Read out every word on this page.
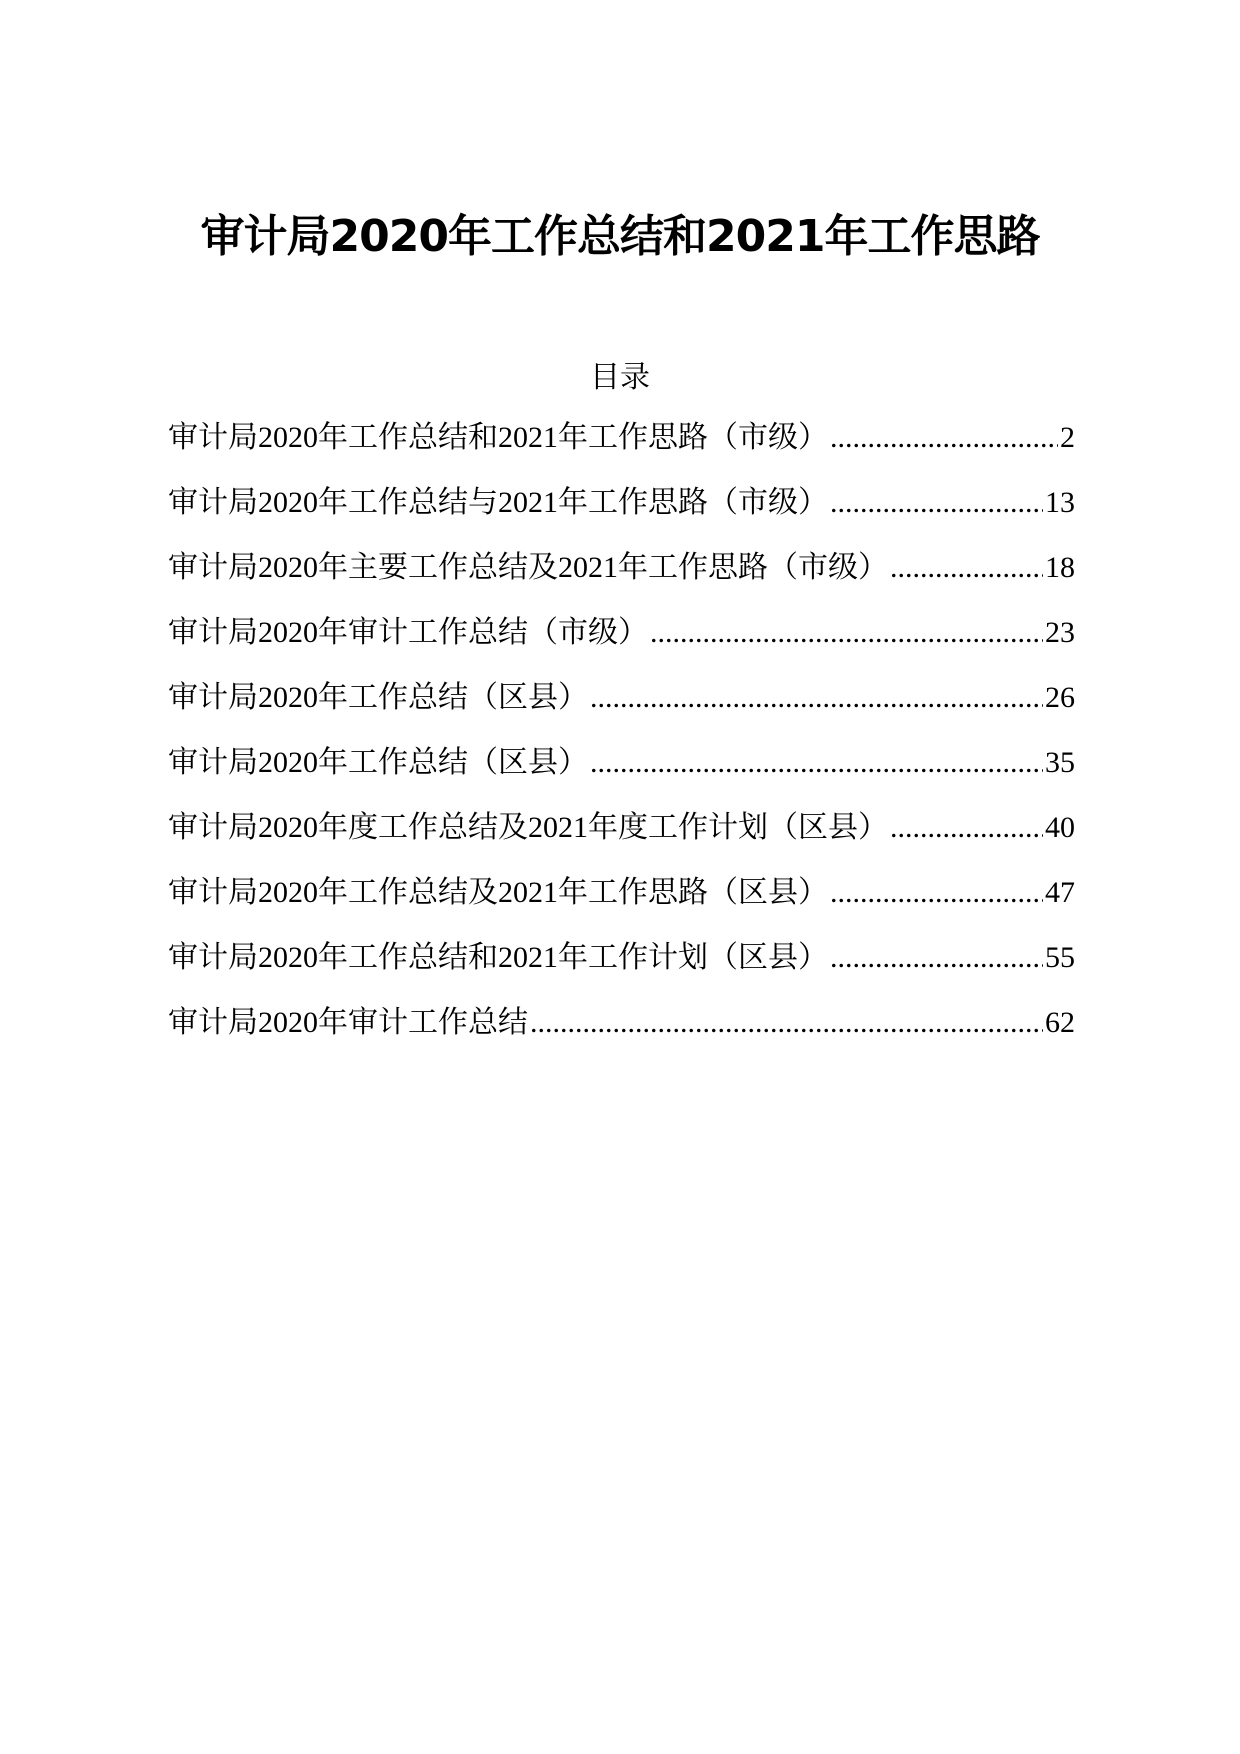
审计局2020年工作总结和2021年工作思路
目录
审计局2020年工作总结和2021年工作思路（市级） .....	2
审计局2020年工作总结与2021年工作思路（市级） .....	13
审计局2020年主要工作总结及2021年工作思路（市级） .....	18
审计局2020年审计工作总结（市级） .....	23
审计局2020年工作总结（区县） .....	26
审计局2020年工作总结（区县） .....	35
审计局2020年度工作总结及2021年度工作计划（区县） .....	40
审计局2020年工作总结及2021年工作思路（区县） .....	47
审计局2020年工作总结和2021年工作计划（区县） .....	55
审计局2020年审计工作总结 .....	62
